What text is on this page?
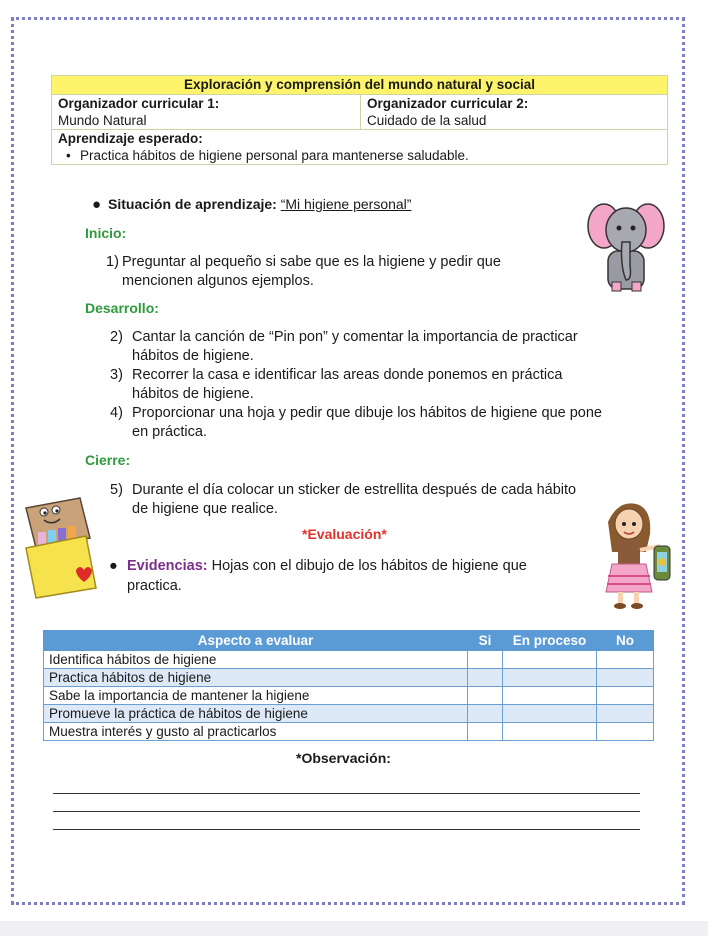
Exploración y comprensión del mundo natural y social

Organizador curricular 1:
Mundo Natural

Organizador curricular 2:
Cuidado de la salud

Aprendizaje esperado:
• Practica hábitos de higiene personal para mantenerse saludable.
● Situación de aprendizaje: “Mi higiene personal”
Inicio:
1) Preguntar al pequeño si sabe que es la higiene y pedir que mencionen algunos ejemplos.
Desarrollo:
2) Cantar la canción de “Pin pon” y comentar la importancia de practicar hábitos de higiene.
3) Recorrer la casa e identificar las areas donde ponemos en práctica hábitos de higiene.
4) Proporcionar una hoja y pedir que dibuje los hábitos de higiene que pone en práctica.
Cierre:
5) Durante el día colocar un sticker de estrellita después de cada hábito de higiene que realice.
*Evaluación*
● Evidencias: Hojas con el dibujo de los hábitos de higiene que practica.
Aspecto a evaluar	Si	En proceso	No
Identifica hábitos de higiene			
Practica hábitos de higiene			
Sabe la importancia de mantener la higiene			
Promueve la práctica de hábitos de higiene			
Muestra interés y gusto al practicarlos			
*Observación:
